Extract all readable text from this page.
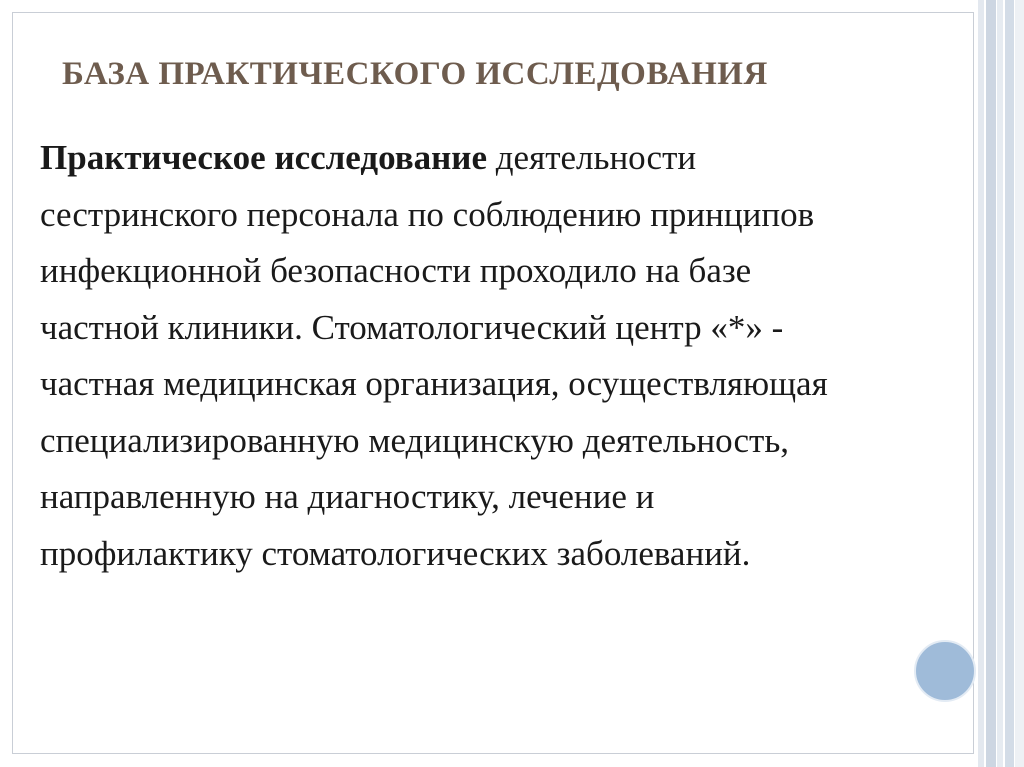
БАЗА ПРАКТИЧЕСКОГО ИССЛЕДОВАНИЯ

Практическое исследование деятельности
сестринского персонала по соблюдению принципов
инфекционной безопасности проходило на базе
частной клиники. Стоматологический центр «*» -
частная медицинская организация, осуществляющая
специализированную медицинскую деятельность,
направленную на диагностику, лечение и
профилактику стоматологических заболеваний.
